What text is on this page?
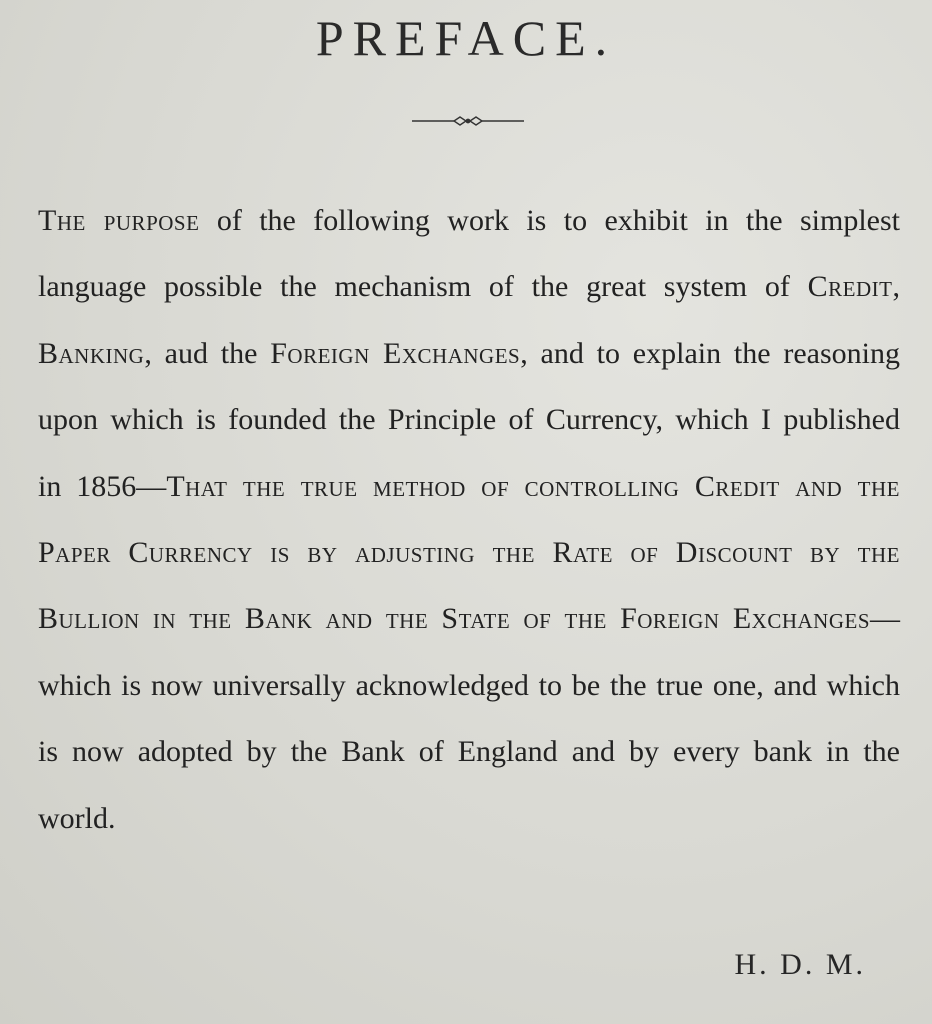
PREFACE.

The purpose of the following work is to exhibit in the simplest language possible the mechanism of the great system of Credit, Banking, aud the Foreign Exchanges, and to explain the reasoning upon which is founded the Principle of Currency, which I published in 1856—That the true method of controlling Credit and the Paper Currency is by adjusting the Rate of Discount by the Bullion in the Bank and the State of the Foreign Exchanges—which is now universally acknowledged to be the true one, and which is now adopted by the Bank of England and by every bank in the world.

H. D. M.
